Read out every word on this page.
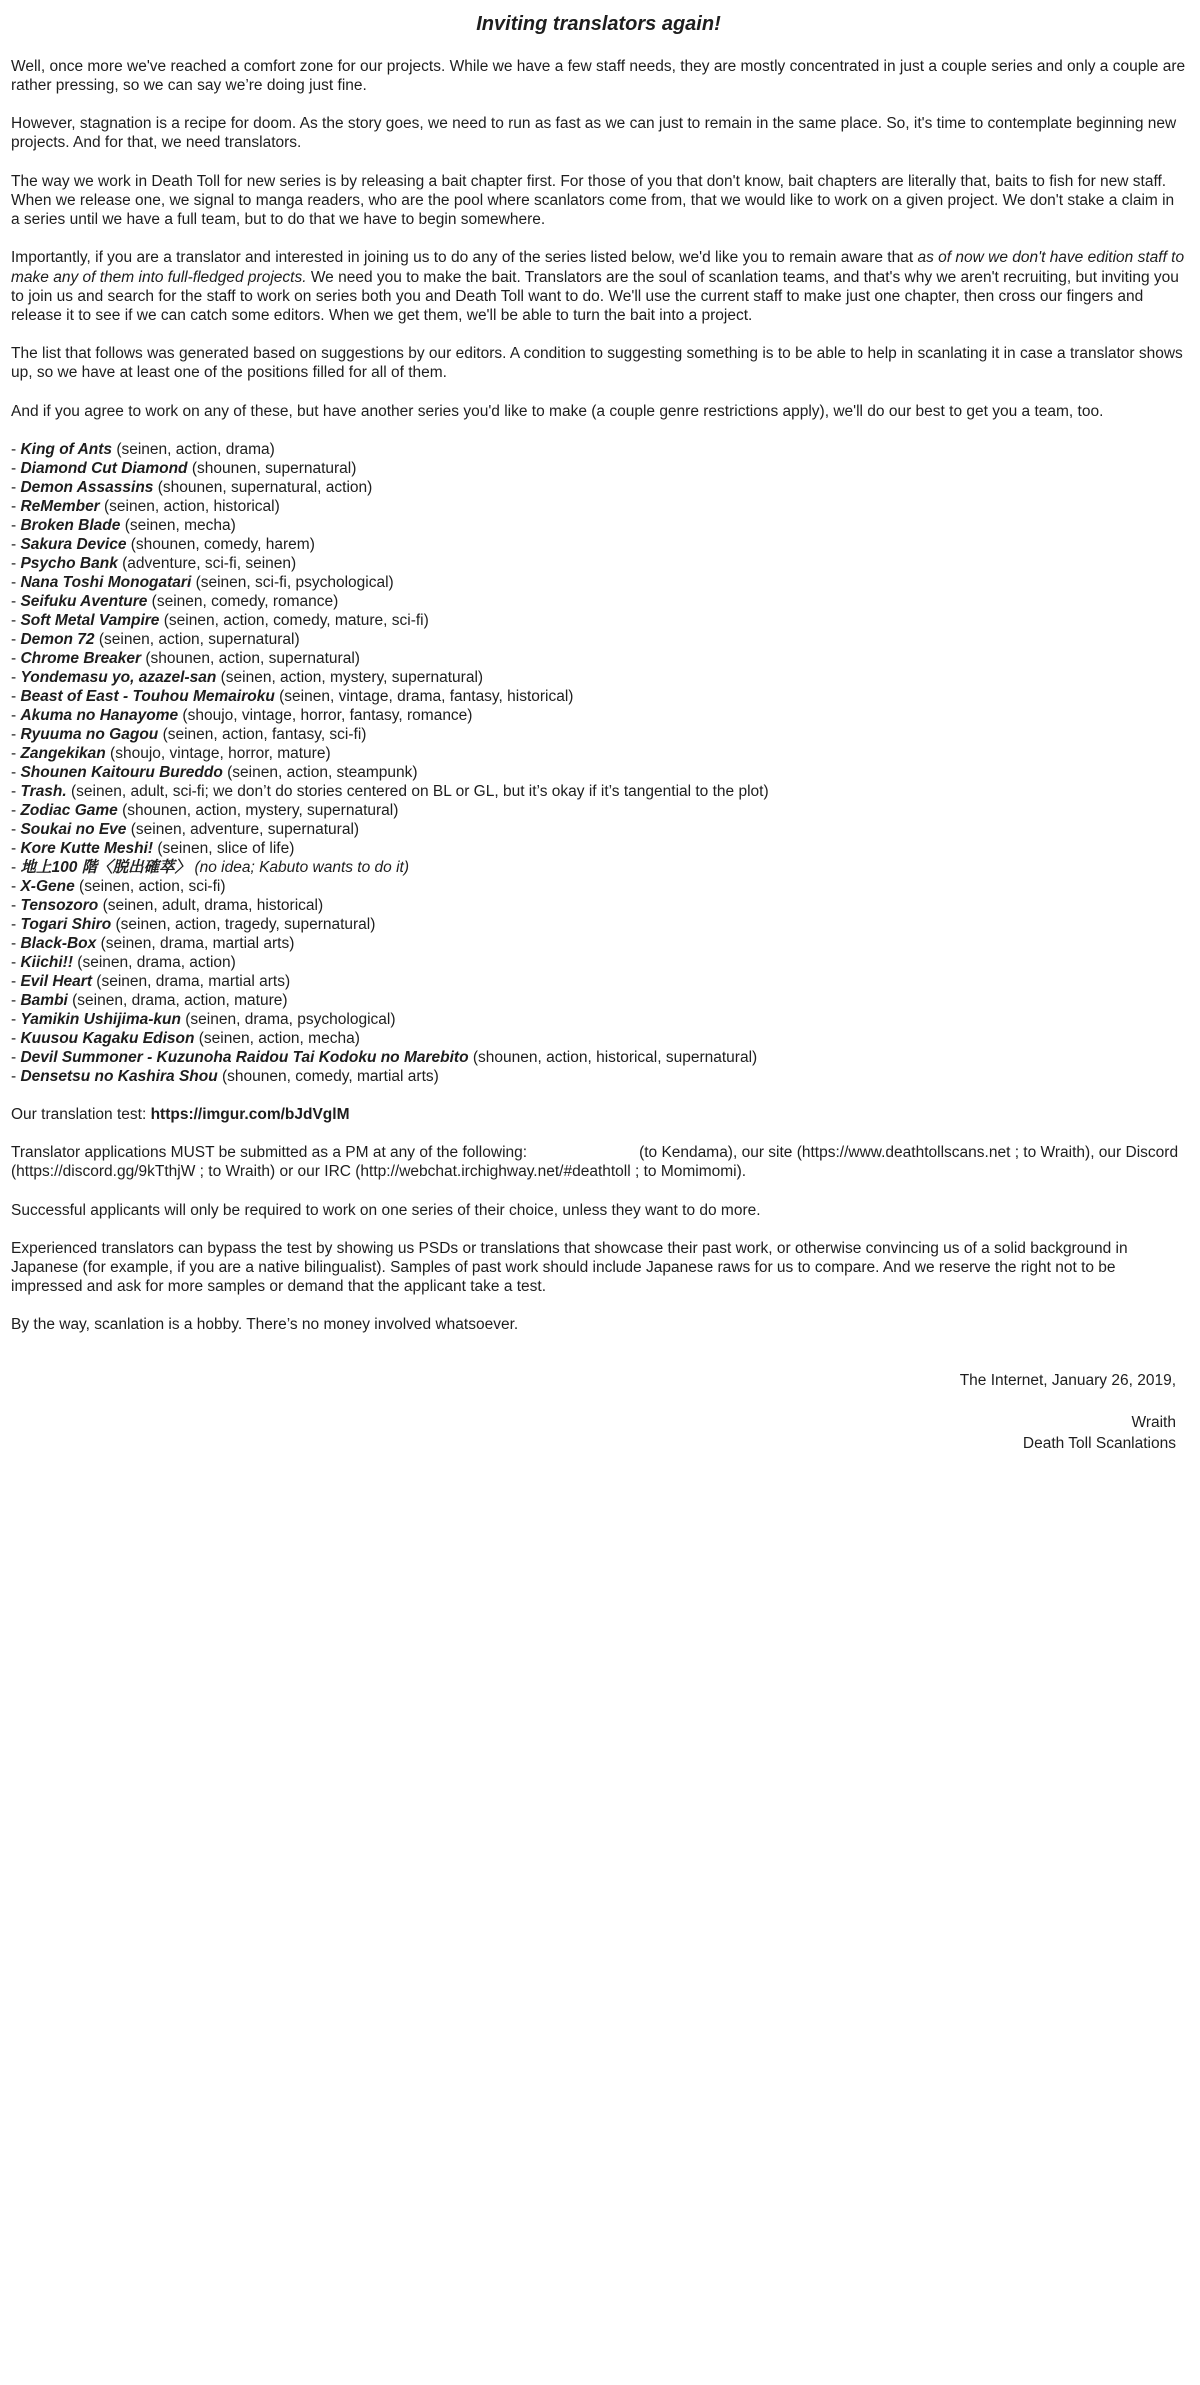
Inviting translators again!

Well, once more we've reached a comfort zone for our projects. While we have a few staff needs, they are mostly concentrated in just a couple series and only a couple are rather pressing, so we can say we’re doing just fine.

However, stagnation is a recipe for doom. As the story goes, we need to run as fast as we can just to remain in the same place. So, it's time to contemplate beginning new projects. And for that, we need translators.

The way we work in Death Toll for new series is by releasing a bait chapter first. For those of you that don't know, bait chapters are literally that, baits to fish for new staff. When we release one, we signal to manga readers, who are the pool where scanlators come from, that we would like to work on a given project. We don't stake a claim in a series until we have a full team, but to do that we have to begin somewhere.

Importantly, if you are a translator and interested in joining us to do any of the series listed below, we'd like you to remain aware that as of now we don't have edition staff to make any of them into full-fledged projects. We need you to make the bait. Translators are the soul of scanlation teams, and that's why we aren't recruiting, but inviting you to join us and search for the staff to work on series both you and Death Toll want to do. We'll use the current staff to make just one chapter, then cross our fingers and release it to see if we can catch some editors. When we get them, we'll be able to turn the bait into a project.

The list that follows was generated based on suggestions by our editors. A condition to suggesting something is to be able to help in scanlating it in case a translator shows up, so we have at least one of the positions filled for all of them.

And if you agree to work on any of these, but have another series you'd like to make (a couple genre restrictions apply), we'll do our best to get you a team, too.

- King of Ants (seinen, action, drama)
- Diamond Cut Diamond (shounen, supernatural)
- Demon Assassins (shounen, supernatural, action)
- ReMember (seinen, action, historical)
- Broken Blade (seinen, mecha)
- Sakura Device (shounen, comedy, harem)
- Psycho Bank (adventure, sci-fi, seinen)
- Nana Toshi Monogatari (seinen, sci-fi, psychological)
- Seifuku Aventure (seinen, comedy, romance)
- Soft Metal Vampire (seinen, action, comedy, mature, sci-fi)
- Demon 72 (seinen, action, supernatural)
- Chrome Breaker (shounen, action, supernatural)
- Yondemasu yo, azazel-san (seinen, action, mystery, supernatural)
- Beast of East - Touhou Memairoku (seinen, vintage, drama, fantasy, historical)
- Akuma no Hanayome (shoujo, vintage, horror, fantasy, romance)
- Ryuuma no Gagou (seinen, action, fantasy, sci-fi)
- Zangekikan (shoujo, vintage, horror, mature)
- Shounen Kaitouru Bureddo (seinen, action, steampunk)
- Trash. (seinen, adult, sci-fi; we don’t do stories centered on BL or GL, but it’s okay if it’s tangential to the plot)
- Zodiac Game (shounen, action, mystery, supernatural)
- Soukai no Eve (seinen, adventure, supernatural)
- Kore Kutte Meshi! (seinen, slice of life)
- 地上100 階〈脱出確萃〉 (no idea; Kabuto wants to do it)
- X-Gene (seinen, action, sci-fi)
- Tensozoro (seinen, adult, drama, historical)
- Togari Shiro (seinen, action, tragedy, supernatural)
- Black-Box (seinen, drama, martial arts)
- Kiichi!! (seinen, drama, action)
- Evil Heart (seinen, drama, martial arts)
- Bambi (seinen, drama, action, mature)
- Yamikin Ushijima-kun (seinen, drama, psychological)
- Kuusou Kagaku Edison (seinen, action, mecha)
- Devil Summoner - Kuzunoha Raidou Tai Kodoku no Marebito (shounen, action, historical, supernatural)
- Densetsu no Kashira Shou (shounen, comedy, martial arts)

Our translation test: https://imgur.com/bJdVglM

Translator applications MUST be submitted as a PM at any of the following:	(to Kendama), our site (https://www.deathtollscans.net ; to Wraith), our Discord (https://discord.gg/9kTthjW ; to Wraith) or our IRC (http://webchat.irchighway.net/#deathtoll ; to Momimomi).

Successful applicants will only be required to work on one series of their choice, unless they want to do more.

Experienced translators can bypass the test by showing us PSDs or translations that showcase their past work, or otherwise convincing us of a solid background in Japanese (for example, if you are a native bilingualist). Samples of past work should include Japanese raws for us to compare. And we reserve the right not to be impressed and ask for more samples or demand that the applicant take a test.

By the way, scanlation is a hobby. There’s no money involved whatsoever.

The Internet, January 26, 2019,
Wraith
Death Toll Scanlations
